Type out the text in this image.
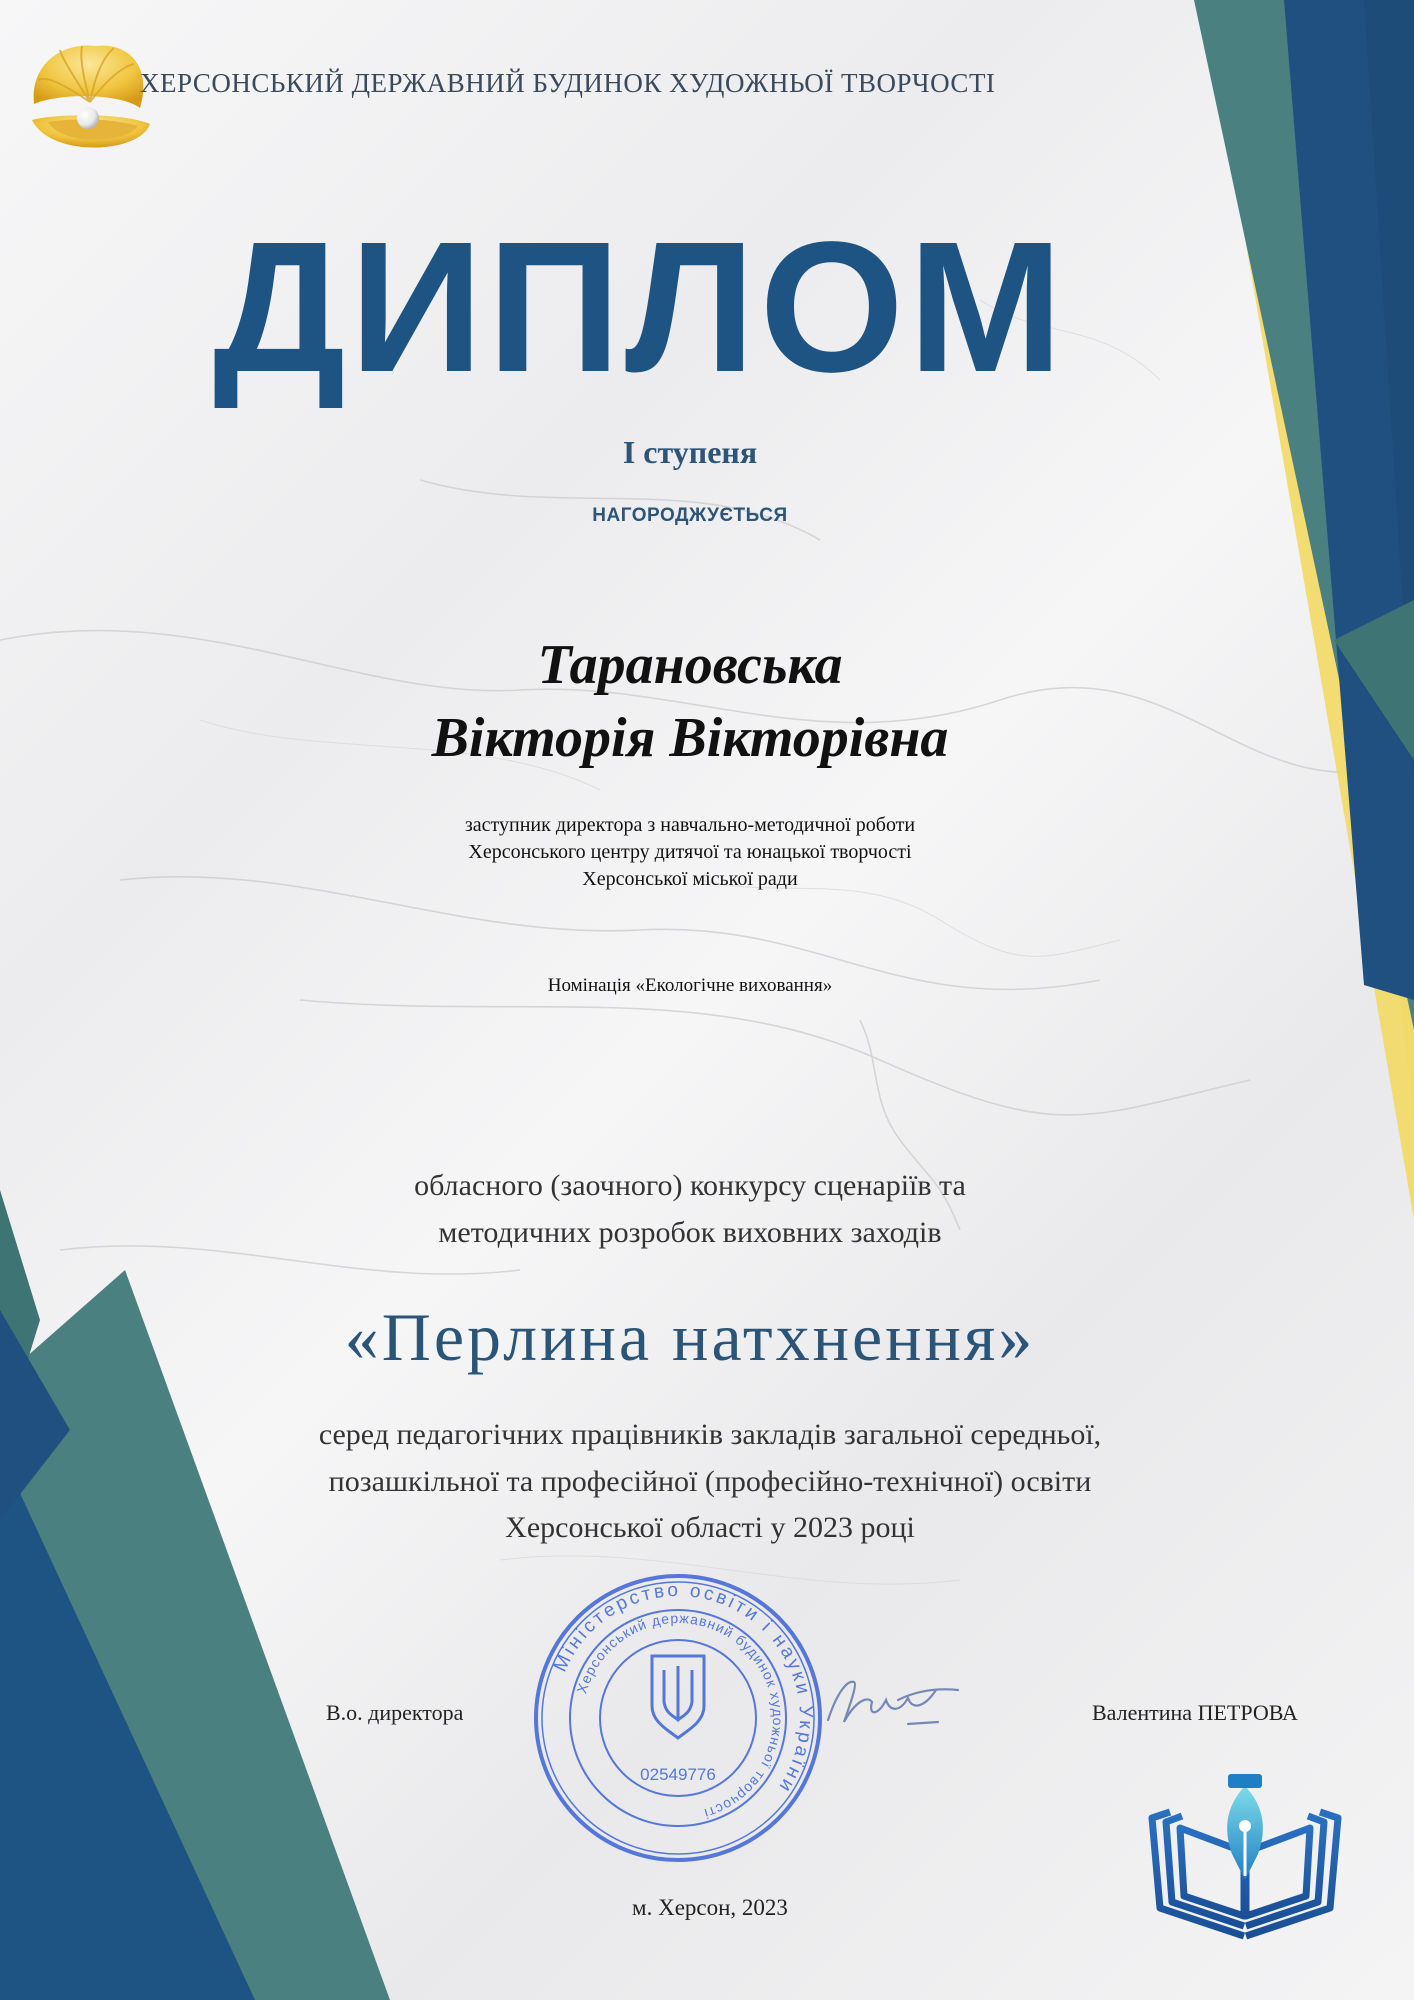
ХЕРСОНСЬКИЙ ДЕРЖАВНИЙ БУДИНОК ХУДОЖНЬОЇ ТВОРЧОСТІ
ДИПЛОМ
І ступеня
НАГОРОДЖУЄТЬСЯ
Тарановська
Вікторія Вікторівна
заступник директора з навчально-методичної роботи
Херсонського центру дитячої та юнацької творчості
Херсонської міської ради
Номінація «Екологічне виховання»
обласного (заочного) конкурсу сценаріїв та
методичних розробок виховних заходів
«Перлина натхнення»
серед педагогічних працівників закладів загальної середньої,
позашкільної та професійної (професійно-технічної) освіти
Херсонської області у 2023 році
Міністерство освіти і науки України
Херсонський державний будинок художньої творчості
02549776
В.о. директора	Валентина ПЕТРОВА
м. Херсон, 2023
